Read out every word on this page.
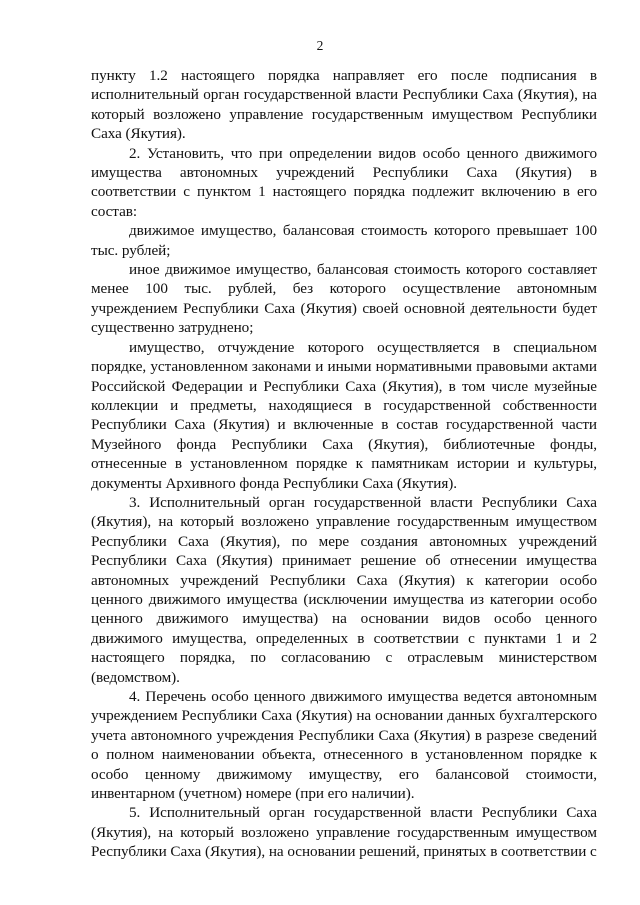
2

пункту 1.2 настоящего порядка направляет его после подписания в исполнительный орган государственной власти Республики Саха (Якутия), на который возложено управление государственным имуществом Республики Саха (Якутия).

2. Установить, что при определении видов особо ценного движимого имущества автономных учреждений Республики Саха (Якутия) в соответствии с пунктом 1 настоящего порядка подлежит включению в его состав:

движимое имущество, балансовая стоимость которого превышает 100 тыс. рублей;

иное движимое имущество, балансовая стоимость которого составляет менее 100 тыс. рублей, без которого осуществление автономным учреждением Республики Саха (Якутия) своей основной деятельности будет существенно затруднено;

имущество, отчуждение которого осуществляется в специальном порядке, установленном законами и иными нормативными правовыми актами Российской Федерации и Республики Саха (Якутия), в том числе музейные коллекции и предметы, находящиеся в государственной собственности Республики Саха (Якутия) и включенные в состав государственной части Музейного фонда Республики Саха (Якутия), библиотечные фонды, отнесенные в установленном порядке к памятникам истории и культуры, документы Архивного фонда Республики Саха (Якутия).

3. Исполнительный орган государственной власти Республики Саха (Якутия), на который возложено управление государственным имуществом Республики Саха (Якутия), по мере создания автономных учреждений Республики Саха (Якутия) принимает решение об отнесении имущества автономных учреждений Республики Саха (Якутия) к категории особо ценного движимого имущества (исключении имущества из категории особо ценного движимого имущества) на основании видов особо ценного движимого имущества, определенных в соответствии с пунктами 1 и 2 настоящего порядка, по согласованию с отраслевым министерством (ведомством).

4. Перечень особо ценного движимого имущества ведется автономным учреждением Республики Саха (Якутия) на основании данных бухгалтерского учета автономного учреждения Республики Саха (Якутия) в разрезе сведений о полном наименовании объекта, отнесенного в установленном порядке к особо ценному движимому имуществу, его балансовой стоимости, инвентарном (учетном) номере (при его наличии).

5. Исполнительный орган государственной власти Республики Саха (Якутия), на который возложено управление государственным имуществом Республики Саха (Якутия), на основании решений, принятых в соответствии с
